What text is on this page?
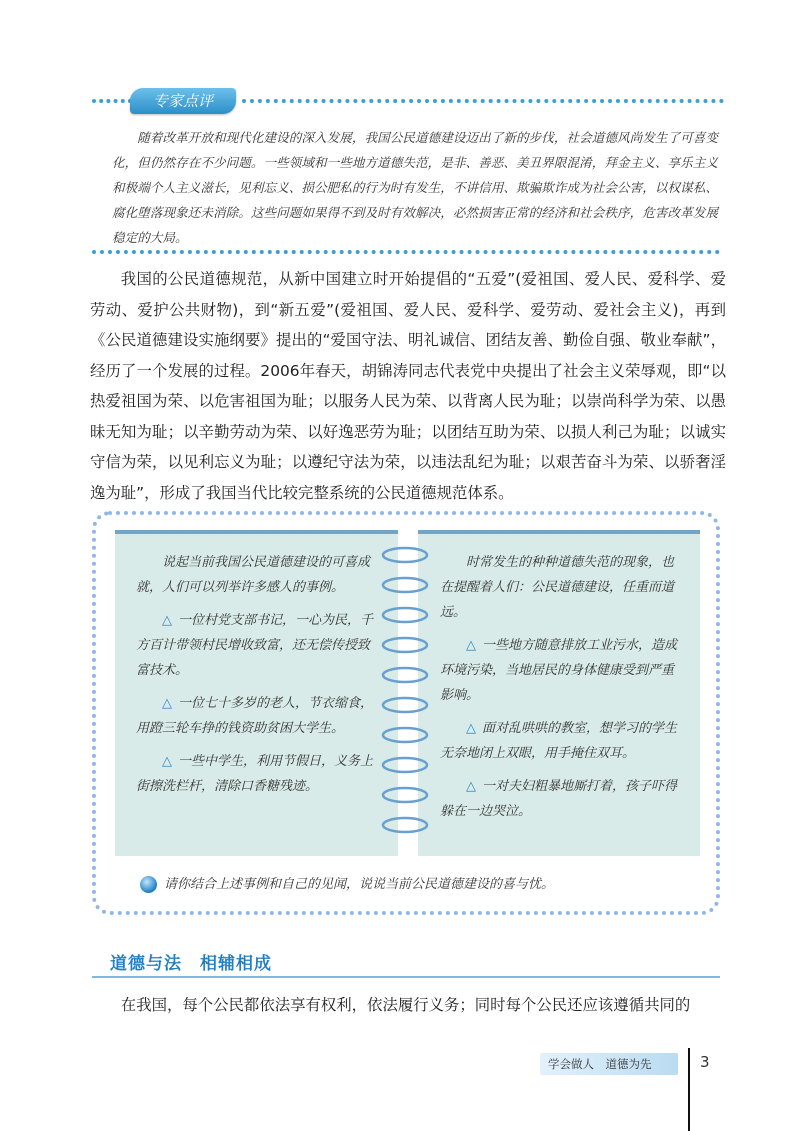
专家点评
随着改革开放和现代化建设的深入发展，我国公民道德建设迈出了新的步伐，社会道德风尚发生了可喜变化，但仍然存在不少问题。一些领域和一些地方道德失范，是非、善恶、美丑界限混淆，拜金主义、享乐主义和极端个人主义滋长，见利忘义、损公肥私的行为时有发生，不讲信用、欺骗欺诈成为社会公害，以权谋私、腐化堕落现象还未消除。这些问题如果得不到及时有效解决，必然损害正常的经济和社会秩序，危害改革发展稳定的大局。
我国的公民道德规范，从新中国建立时开始提倡的“五爱”(爱祖国、爱人民、爱科学、爱劳动、爱护公共财物)，到“新五爱”(爱祖国、爱人民、爱科学、爱劳动、爱社会主义)，再到《公民道德建设实施纲要》提出的“爱国守法、明礼诚信、团结友善、勤俭自强、敬业奉献”，经历了一个发展的过程。2006年春天，胡锦涛同志代表党中央提出了社会主义荣辱观，即“以热爱祖国为荣、以危害祖国为耻；以服务人民为荣、以背离人民为耻；以崇尚科学为荣、以愚昧无知为耻；以辛勤劳动为荣、以好逸恶劳为耻；以团结互助为荣、以损人利己为耻；以诚实守信为荣，以见利忘义为耻；以遵纪守法为荣，以违法乱纪为耻；以艰苦奋斗为荣、以骄奢淫逸为耻”，形成了我国当代比较完整系统的公民道德规范体系。

说起当前我国公民道德建设的可喜成就，人们可以列举许多感人的事例。

△ 一位村党支部书记，一心为民，千方百计带领村民增收致富，还无偿传授致富技术。

△ 一位七十多岁的老人，节衣缩食，用蹬三轮车挣的钱资助贫困大学生。

△ 一些中学生，利用节假日，义务上街擦洗栏杆，清除口香糖残迹。

时常发生的种种道德失范的现象，也在提醒着人们：公民道德建设，任重而道远。

△ 一些地方随意排放工业污水，造成环境污染，当地居民的身体健康受到严重影响。

△ 面对乱哄哄的教室，想学习的学生无奈地闭上双眼，用手掩住双耳。

△ 一对夫妇粗暴地厮打着，孩子吓得躲在一边哭泣。

请你结合上述事例和自己的见闻，说说当前公民道德建设的喜与忧。
道德与法　相辅相成
在我国，每个公民都依法享有权利，依法履行义务；同时每个公民还应该遵循共同的
学会做人　道德为先	3
